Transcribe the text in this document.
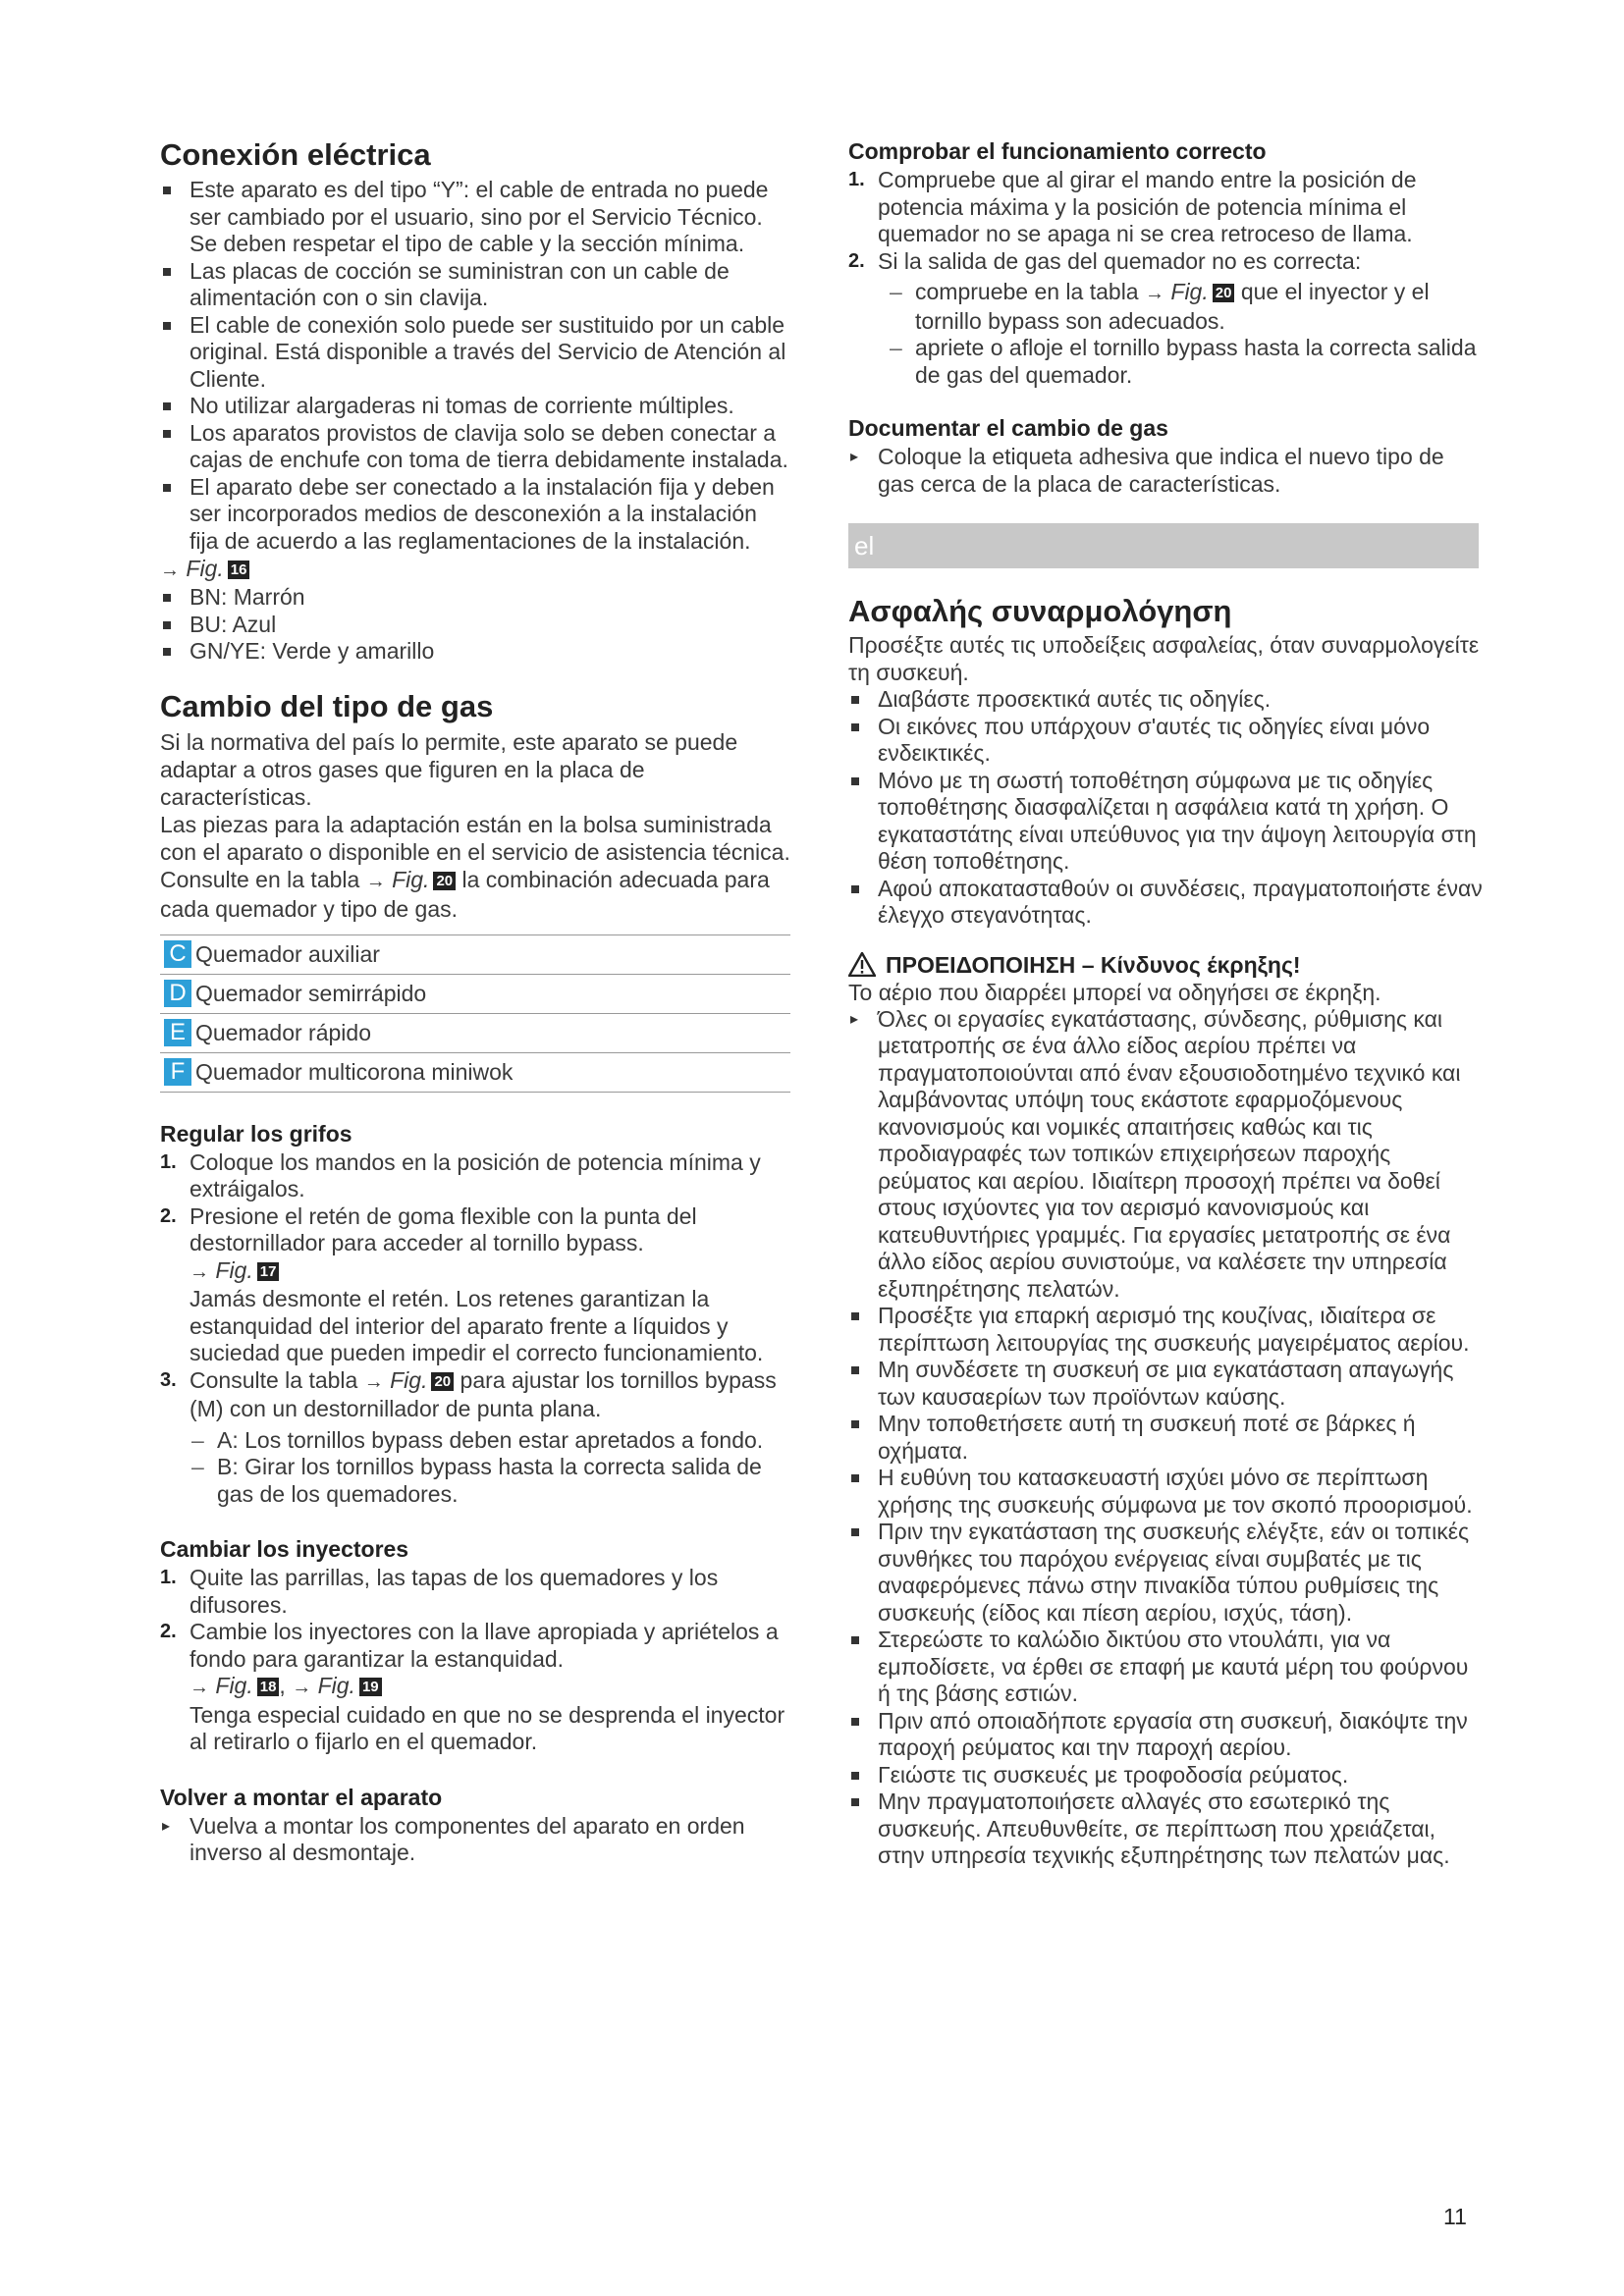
Conexión eléctrica
Este aparato es del tipo “Y”: el cable de entrada no puede ser cambiado por el usuario, sino por el Servicio Técnico. Se deben respetar el tipo de cable y la sección mínima.
Las placas de cocción se suministran con un cable de alimentación con o sin clavija.
El cable de conexión solo puede ser sustituido por un cable original. Está disponible a través del Servicio de Atención al Cliente.
No utilizar alargaderas ni tomas de corriente múltiples.
Los aparatos provistos de clavija solo se deben conectar a cajas de enchufe con toma de tierra debidamente instalada.
El aparato debe ser conectado a la instalación fija y deben ser incorporados medios de desconexión a la instalación fija de acuerdo a las reglamentaciones de la instalación.

→ Fig. 16

BN: Marrón
BU: Azul
GN/YE: Verde y amarillo
Cambio del tipo de gas

Si la normativa del país lo permite, este aparato se puede adaptar a otros gases que figuren en la placa de características.

Las piezas para la adaptación están en la bolsa suministrada con el aparato o disponible en el servicio de asistencia técnica. Consulte en la tabla → Fig. 20 la combinación adecuada para cada quemador y tipo de gas.

C	Quemador auxiliar
D	Quemador semirrápido
E	Quemador rápido
F	Quemador multicorona miniwok
Regular los grifos
1. Coloque los mandos en la posición de potencia mínima y extráigalos.
2. Presione el retén de goma flexible con la punta del destornillador para acceder al tornillo bypass.
→ Fig. 17
Jamás desmonte el retén. Los retenes garantizan la estanquidad del interior del aparato frente a líquidos y suciedad que pueden impedir el correcto funcionamiento.
3. Consulte la tabla → Fig. 20 para ajustar los tornillos bypass (M) con un destornillador de punta plana.
– A: Los tornillos bypass deben estar apretados a fondo.
– B: Girar los tornillos bypass hasta la correcta salida de gas de los quemadores.
Cambiar los inyectores
1. Quite las parrillas, las tapas de los quemadores y los difusores.
2. Cambie los inyectores con la llave apropiada y apriételos a fondo para garantizar la estanquidad.
→ Fig. 18 , → Fig. 19
Tenga especial cuidado en que no se desprenda el inyector al retirarlo o fijarlo en el quemador.
Volver a montar el aparato
▸ Vuelva a montar los componentes del aparato en orden inverso al desmontaje.
Comprobar el funcionamiento correcto
1. Compruebe que al girar el mando entre la posición de potencia máxima y la posición de potencia mínima el quemador no se apaga ni se crea retroceso de llama.
2. Si la salida de gas del quemador no es correcta:
– compruebe en la tabla → Fig. 20 que el inyector y el tornillo bypass son adecuados.
– apriete o afloje el tornillo bypass hasta la correcta salida de gas del quemador.
Documentar el cambio de gas
▸ Coloque la etiqueta adhesiva que indica el nuevo tipo de gas cerca de la placa de características.
el
Ασφαλής συναρμολόγηση

Προσέξτε αυτές τις υποδείξεις ασφαλείας, όταν συναρμολογείτε τη συσκευή.

Διαβάστε προσεκτικά αυτές τις οδηγίες.
Οι εικόνες που υπάρχουν σ'αυτές τις οδηγίες είναι μόνο ενδεικτικές.
Μόνο με τη σωστή τοποθέτηση σύμφωνα με τις οδηγίες τοποθέτησης διασφαλίζεται η ασφάλεια κατά τη χρήση. Ο εγκαταστάτης είναι υπεύθυνος για την άψογη λειτουργία στη θέση τοποθέτησης.
Αφού αποκατασταθούν οι συνδέσεις, πραγματοποιήστε έναν έλεγχο στεγανότητας.
ΠΡΟΕΙΔΟΠΟΙΗΣΗ
–
Κίνδυνος έκρηξης!

Το αέριο που διαρρέει μπορεί να οδηγήσει σε έκρηξη.

▸ Όλες οι εργασίες εγκατάστασης, σύνδεσης, ρύθμισης και μετατροπής σε ένα άλλο είδος αερίου πρέπει να πραγματοποιούνται από έναν εξουσιοδοτημένο τεχνικό και λαμβάνοντας υπόψη τους εκάστοτε εφαρμοζόμενους κανονισμούς και νομικές απαιτήσεις καθώς και τις προδιαγραφές των τοπικών επιχειρήσεων παροχής ρεύματος και αερίου. Ιδιαίτερη προσοχή πρέπει να δοθεί στους ισχύοντες για τον αερισμό κανονισμούς και κατευθυντήριες γραμμές. Για εργασίες μετατροπής σε ένα άλλο είδος αερίου συνιστούμε, να καλέσετε την υπηρεσία εξυπηρέτησης πελατών.
Προσέξτε για επαρκή αερισμό της κουζίνας, ιδιαίτερα σε περίπτωση λειτουργίας της συσκευής μαγειρέματος αερίου.
Μη συνδέσετε τη συσκευή σε μια εγκατάσταση απαγωγής των καυσαερίων των προϊόντων καύσης.
Μην τοποθετήσετε αυτή τη συσκευή ποτέ σε βάρκες ή οχήματα.
Η ευθύνη του κατασκευαστή ισχύει μόνο σε περίπτωση χρήσης της συσκευής σύμφωνα με τον σκοπό προορισμού.
Πριν την εγκατάσταση της συσκευής ελέγξτε, εάν οι τοπικές συνθήκες του παρόχου ενέργειας είναι συμβατές με τις αναφερόμενες πάνω στην πινακίδα τύπου ρυθμίσεις της συσκευής (είδος και πίεση αερίου, ισχύς, τάση).
Στερεώστε το καλώδιο δικτύου στο ντουλάπι, για να εμποδίσετε, να έρθει σε επαφή με καυτά μέρη του φούρνου ή της βάσης εστιών.
Πριν από οποιαδήποτε εργασία στη συσκευή, διακόψτε την παροχή ρεύματος και την παροχή αερίου.
Γειώστε τις συσκευές με τροφοδοσία ρεύματος.
Μην πραγματοποιήσετε αλλαγές στο εσωτερικό της συσκευής. Απευθυνθείτε, σε περίπτωση που χρειάζεται, στην υπηρεσία τεχνικής εξυπηρέτησης των πελατών μας.
11
